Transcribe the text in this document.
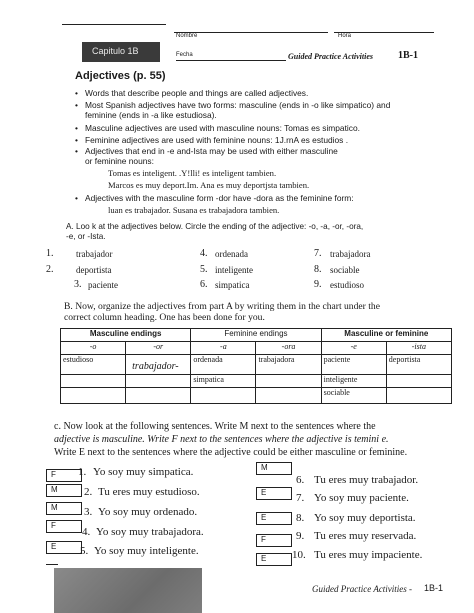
Nombre	Hora
Capitulo 1B	Fecha	Guided Practice Activities 1B-1
Adjectives (p. 55)
• Words that describe people and things are called adjectives.
• Most Spanish adjectives have two forms: masculine (ends in -o like simpatico) and
feminine (ends in -a like estudiosa).
• Masculine adjectives are used with masculine nouns: Tomas es simpatico.
• Feminine adjectives are used with feminine nouns: 1J.rnA es estudios .
• Adjectives that end in -e and-Ista may be used with either masculine
or feminine nouns:
Tomas es inteligent. .Y!lli! es inteligent tambien.
Marcos es muy deport.Im. Ana es muy deportjsta tambien.
• Adjectives with the masculine form -dor have -dora as the feminine form:
luan es trabajador. Susana es trabajadora tambien.
A. Loo k at the adjectives below. Circle the ending of the adjective: -o, -a, -or, -ora,
-e, or -Ista.
1.	trabajador
2.	deportista
3. paciente
4. ordenada
5. inteligente
6. simpatica
7. trabajadora
8. sociable
9. estudioso
B. Now, organize the adjectives from part A by writing them in the chart under the
correct column heading. One has been done for you.
Masculine endings		Feminine endings		Masculine or feminine	
-o	-or	-a	-ora	-e	-ista
estudioso	trabajador-	ordenada	trabajadora	paciente	deportista
		simpatica		inteligente	
				sociable	
c. Now look at the following sentences. Write M next to the sentences where the
adjective is masculine. Write F next to the sentences where the adjective is temini e.
Write E next to the sentences where the adjective could be either masculine or feminine.
F 1. Yo soy muy simpatica.
M 2. Tu eres muy estudioso.
M 3. Yo soy muy ordenado.
F
4. Yo soy muy trabajadora.
E 5. Yo soy muy inteligente.
M
6. Tu eres muy trabajador.
E	7. Yo soy muy paciente.
E	8. Yo soy muy deportista.
F	9. Tu eres muy reservada.
E 10. Tu eres muy impaciente.
Guided Practice Activities - 1B-1
